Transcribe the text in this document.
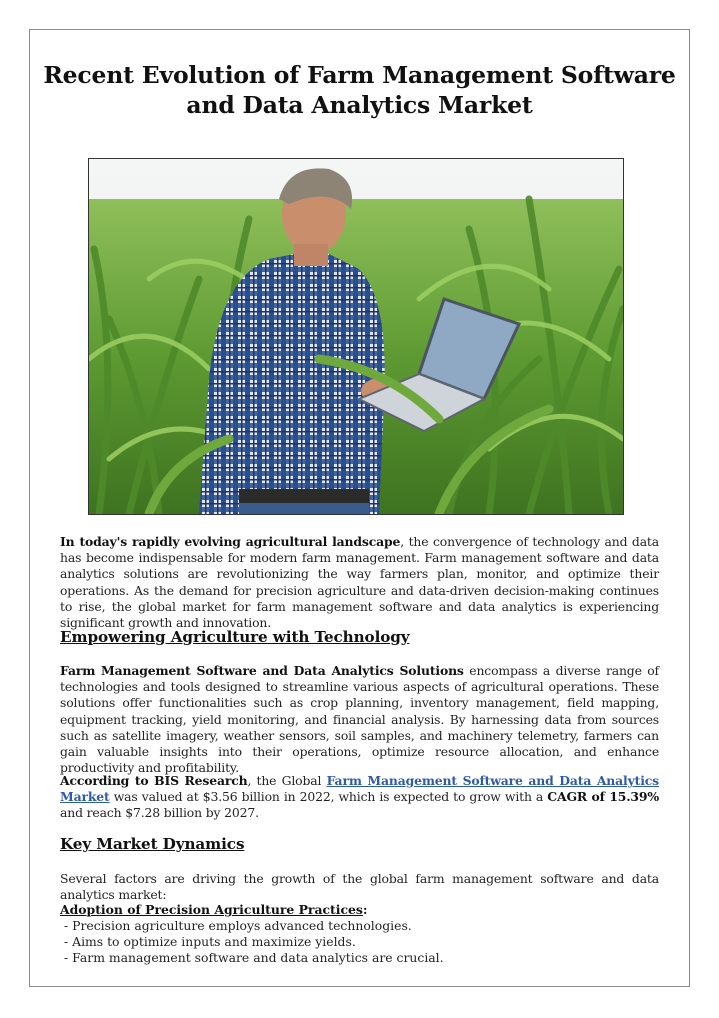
Recent Evolution of Farm Management Software
and Data Analytics Market
In today's rapidly evolving agricultural landscape, the convergence of technology and data has become indispensable for modern farm management. Farm management software and data analytics solutions are revolutionizing the way farmers plan, monitor, and optimize their operations. As the demand for precision agriculture and data-driven decision-making continues to rise, the global market for farm management software and data analytics is experiencing significant growth and innovation.
Empowering Agriculture with Technology
Farm Management Software and Data Analytics Solutions encompass a diverse range of technologies and tools designed to streamline various aspects of agricultural operations. These solutions offer functionalities such as crop planning, inventory management, field mapping, equipment tracking, yield monitoring, and financial analysis. By harnessing data from sources such as satellite imagery, weather sensors, soil samples, and machinery telemetry, farmers can gain valuable insights into their operations, optimize resource allocation, and enhance productivity and profitability.
According to BIS Research, the Global Farm Management Software and Data Analytics Market was valued at $3.56 billion in 2022, which is expected to grow with a CAGR of 15.39% and reach $7.28 billion by 2027.
Key Market Dynamics
Several factors are driving the growth of the global farm management software and data analytics market:
Adoption of Precision Agriculture Practices:
- Precision agriculture employs advanced technologies.
- Aims to optimize inputs and maximize yields.
- Farm management software and data analytics are crucial.
